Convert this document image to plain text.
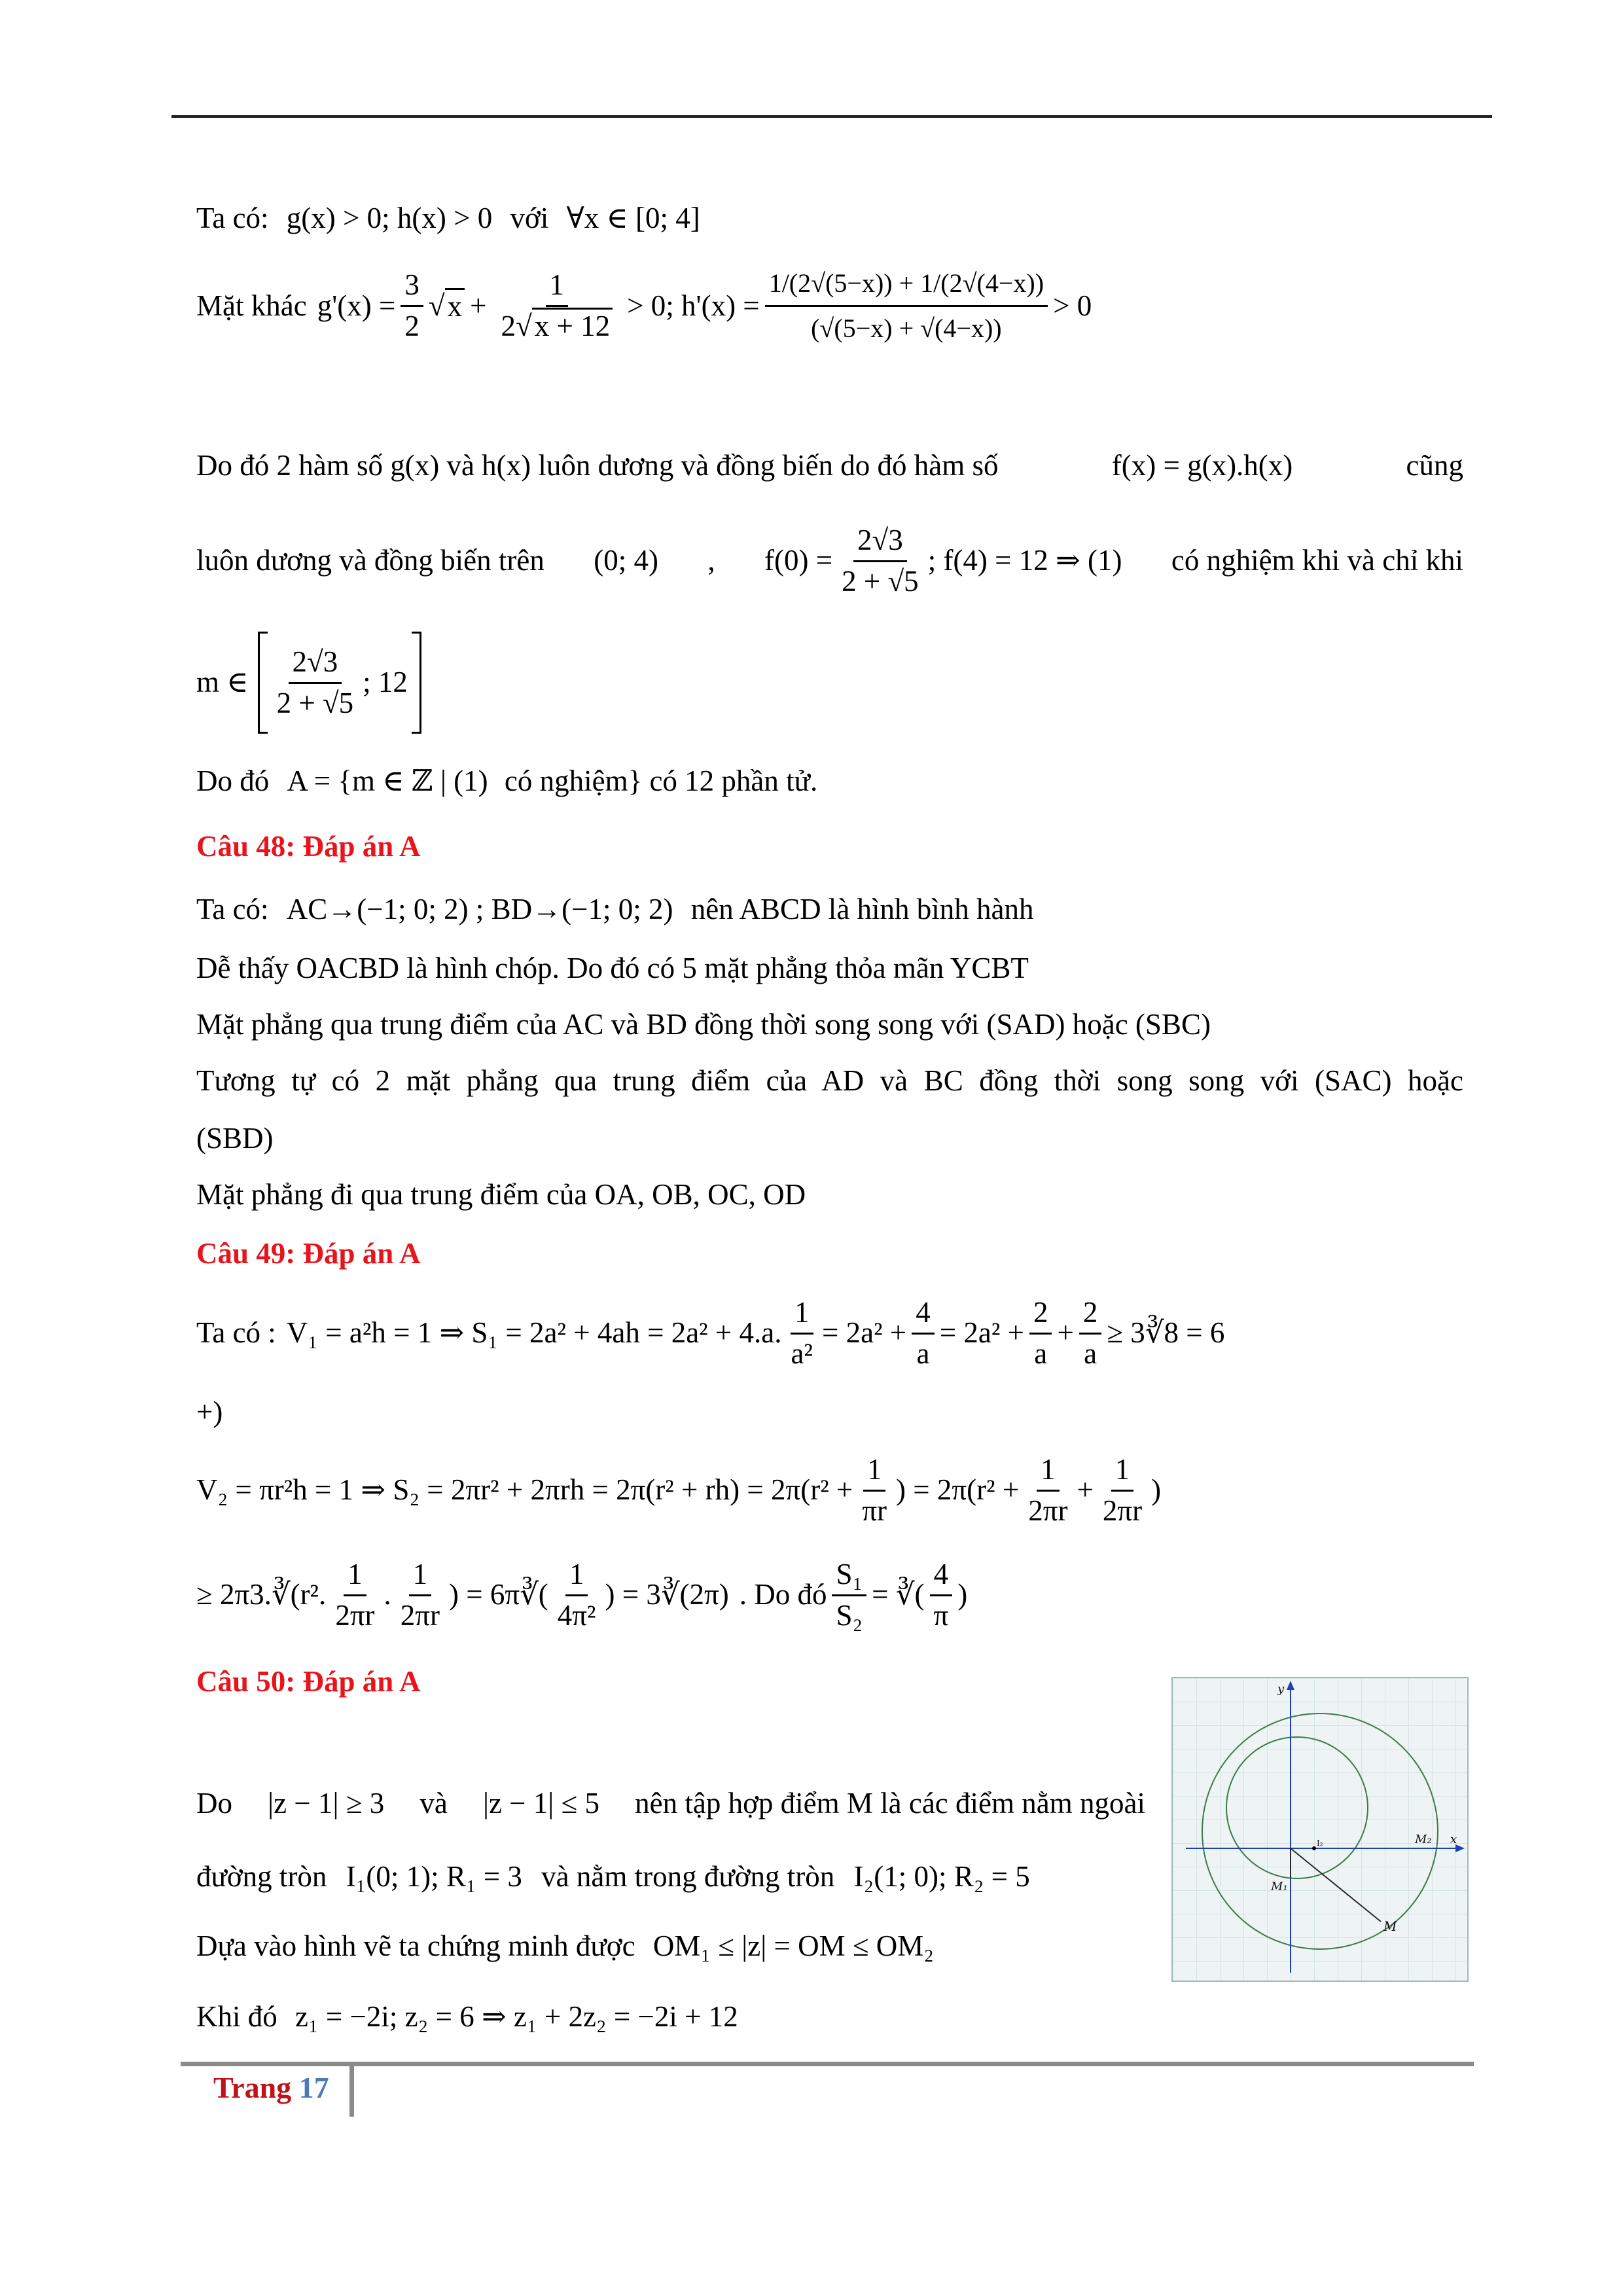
Ta có: g(x) > 0; h(x) > 0 với ∀x ∈ [0; 4]
Mặt khác $g'(x) = \frac{3}{2}$ √ $x + \frac{1}{2√x + 12} > 0$; $h'(x) = \frac{1/(2√(5-x)) + 1/(2√(4-x))}{(√(5-x) + √(4-x))} > 0$
Do đó 2 hàm số g(x) và h(x) luôn dương và đồng biến do đó hàm số	f(x) = g(x).h(x)	cũng
luôn dương và đồng biến trên (0; 4) , $f(0) = \frac{2√3}{2 + √5}$ ; f(4) = 12 ⇒ (1) có nghiệm khi và chỉ khi
m ∈ $\frac{2√3}{2 + √5}$ ; 12
Do đó A = {m ∈ ℤ | (1) có nghiệm} có 12 phần tử.
Câu 48: Đáp án A
Ta có: AC→(−1; 0; 2) ; BD→(−1; 0; 2) nên ABCD là hình bình hành
Dễ thấy OACBD là hình chóp. Do đó có 5 mặt phẳng thỏa mãn YCBT
Mặt phẳng qua trung điểm của AC và BD đồng thời song song với (SAD) hoặc (SBC)
Tương tự có 2 mặt phẳng qua trung điểm của AD và BC đồng thời song song với (SAC) hoặc
(SBD)
Mặt phẳng đi qua trung điểm của OA, OB, OC, OD
Câu 49: Đáp án A
Ta có : V₁ = a²h = 1 ⇒ S₁ = 2a² + 4ah = 2a² + 4.a. $\frac{1}{\text{a²}} = 2a^2 + \frac{4}{a} = 2a^2 + \frac{2}{a} + \frac{2}{a}$ ≥ 3∛8 = 6
+)
V₂ = πr²h = 1 ⇒ $S_2 = 2\pi r^2 + 2\pi rh = 2\pi(r^2 + rh) = 2\pi(r^2 + \frac{1}{\pi r}$ ) = $2\pi(r^2 + \frac{1}{2\pi r} + \frac{1}{2\pi r}$ )
≥ 2π3.∛(r². $\frac{1}{2\pi r}$ . $\frac{1}{2\pi r}$ ) = 6π∛( $\frac{1}{\text{4π²}}$ ) = 3∛(2π) . Do đó $\frac{\text{S₁}}{\text{S₂}}$ = ∛( $\frac{4}{\pi}$ )
Câu 50: Đáp án A
Do |z − 1| ≥ 3 và |z − 1| ≤ 5 nên tập hợp điểm M là các điểm nằm ngoài
đường tròn I₁(0; 1); R₁ = 3 và nằm trong đường tròn I₂(1; 0); R₂ = 5
Dựa vào hình vẽ ta chứng minh được OM₁ ≤ |z| = OM ≤ OM₂
Khi đó z₁ = −2i; z₂ = 6 ⇒ z₁ + 2z₂ = −2i + 12
y
x
M
M₁
M₂
I₂
Trang 17
